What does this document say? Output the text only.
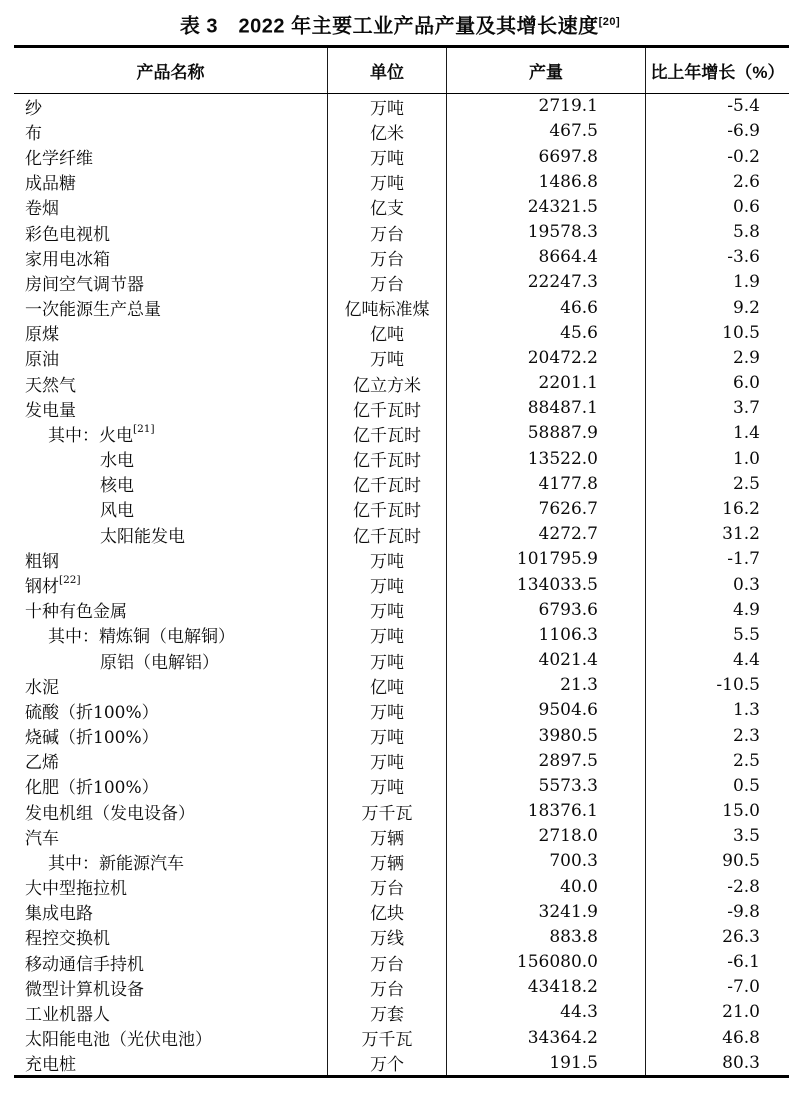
表 3　2022 年主要工业产品产量及其增长速度[20]
产品名称	单位	产量	比上年增长（%）
纱	万吨	2719.1	-5.4
布	亿米	467.5	-6.9
化学纤维	万吨	6697.8	-0.2
成品糖	万吨	1486.8	2.6
卷烟	亿支	24321.5	0.6
彩色电视机	万台	19578.3	5.8
家用电冰箱	万台	8664.4	-3.6
房间空气调节器	万台	22247.3	1.9
一次能源生产总量	亿吨标准煤	46.6	9.2
原煤	亿吨	45.6	10.5
原油	万吨	20472.2	2.9
天然气	亿立方米	2201.1	6.0
发电量	亿千瓦时	88487.1	3.7
其中：火电[21]	亿千瓦时	58887.9	1.4
水电	亿千瓦时	13522.0	1.0
核电	亿千瓦时	4177.8	2.5
风电	亿千瓦时	7626.7	16.2
太阳能发电	亿千瓦时	4272.7	31.2
粗钢	万吨	101795.9	-1.7
钢材[22]	万吨	134033.5	0.3
十种有色金属	万吨	6793.6	4.9
其中：精炼铜（电解铜）	万吨	1106.3	5.5
原铝（电解铝）	万吨	4021.4	4.4
水泥	亿吨	21.3	-10.5
硫酸（折100%）	万吨	9504.6	1.3
烧碱（折100%）	万吨	3980.5	2.3
乙烯	万吨	2897.5	2.5
化肥（折100%）	万吨	5573.3	0.5
发电机组（发电设备）	万千瓦	18376.1	15.0
汽车	万辆	2718.0	3.5
其中：新能源汽车	万辆	700.3	90.5
大中型拖拉机	万台	40.0	-2.8
集成电路	亿块	3241.9	-9.8
程控交换机	万线	883.8	26.3
移动通信手持机	万台	156080.0	-6.1
微型计算机设备	万台	43418.2	-7.0
工业机器人	万套	44.3	21.0
太阳能电池（光伏电池）	万千瓦	34364.2	46.8
充电桩	万个	191.5	80.3
